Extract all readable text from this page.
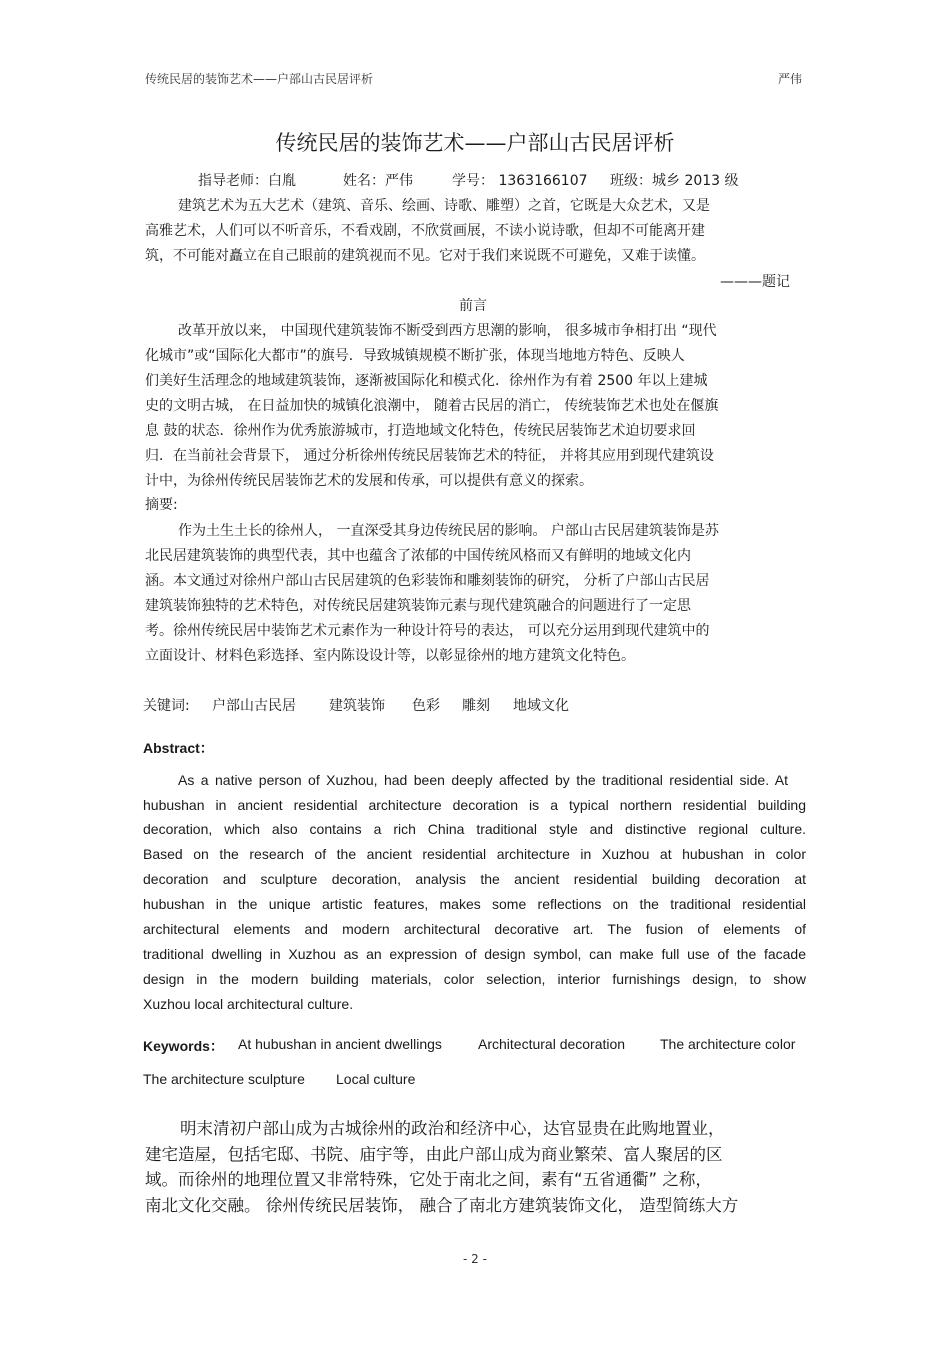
传统民居的装饰艺术——户部山古民居评析	严伟
传统民居的装饰艺术——户部山古民居评析
指导老师：白胤	姓名：严伟	学号： 1363166107 班级：城乡 2013 级
建筑艺术为五大艺术（建筑、音乐、绘画、诗歌、雕塑）之首，它既是大众艺术，又是
高雅艺术，人们可以不听音乐，不看戏剧，不欣赏画展，不读小说诗歌，但却不可能离开建
筑，不可能对矗立在自己眼前的建筑视而不见。它对于我们来说既不可避免，又难于读懂。
———题记
前言
改革开放以来， 中国现代建筑装饰不断受到西方思潮的影响， 很多城市争相打出 “现代
化城市”或“国际化大都市”的旗号．导致城镇规模不断扩张，体现当地地方特色、反映人
们美好生活理念的地域建筑装饰，逐渐被国际化和模式化．徐州作为有着 2500 年以上建城
史的文明古城， 在日益加快的城镇化浪潮中， 随着古民居的消亡， 传统装饰艺术也处在偃旗
息 鼓的状态．徐州作为优秀旅游城市，打造地域文化特色，传统民居装饰艺术迫切要求回
归．在当前社会背景下， 通过分析徐州传统民居装饰艺术的特征， 并将其应用到现代建筑设
计中，为徐州传统民居装饰艺术的发展和传承，可以提供有意义的探索。
摘要:
作为土生土长的徐州人， 一直深受其身边传统民居的影响。 户部山古民居建筑装饰是苏
北民居建筑装饰的典型代表，其中也蕴含了浓郁的中国传统风格而又有鲜明的地域文化内
涵。本文通过对徐州户部山古民居建筑的色彩装饰和雕刻装饰的研究， 分析了户部山古民居
建筑装饰独特的艺术特色，对传统民居建筑装饰元素与现代建筑融合的问题进行了一定思
考。徐州传统民居中装饰艺术元素作为一种设计符号的表达， 可以充分运用到现代建筑中的
立面设计、材料色彩选择、室内陈设设计等，以彰显徐州的地方建筑文化特色。
关键词: 户部山古民居 建筑装饰 色彩 雕刻 地域文化
Abstract：
As a native person of Xuzhou, had been deeply affected by the traditional residential side. At
hubushan in ancient residential architecture decoration is a typical northern residential building
decoration, which also contains a rich China traditional style and distinctive regional culture.
Based on the research of the ancient residential architecture in Xuzhou at hubushan in color
decoration and sculpture decoration, analysis the ancient residential building decoration at
hubushan in the unique artistic features, makes some reflections on the traditional residential
architectural elements and modern architectural decorative art. The fusion of elements of
traditional dwelling in Xuzhou as an expression of design symbol, can make full use of the facade
design in the modern building materials, color selection, interior furnishings design, to show
Xuzhou local architectural culture.
Keywords： At hubushan in ancient dwellings	Architectural decoration The architecture color
The architecture sculpture Local culture
明末清初户部山成为古城徐州的政治和经济中心，达官显贵在此购地置业，
建宅造屋，包括宅邸、书院、庙宇等，由此户部山成为商业繁荣、富人聚居的区
域。而徐州的地理位置又非常特殊，它处于南北之间，素有“五省通衢” 之称，
南北文化交融。 徐州传统民居装饰， 融合了南北方建筑装饰文化， 造型简练大方
- 2 -
